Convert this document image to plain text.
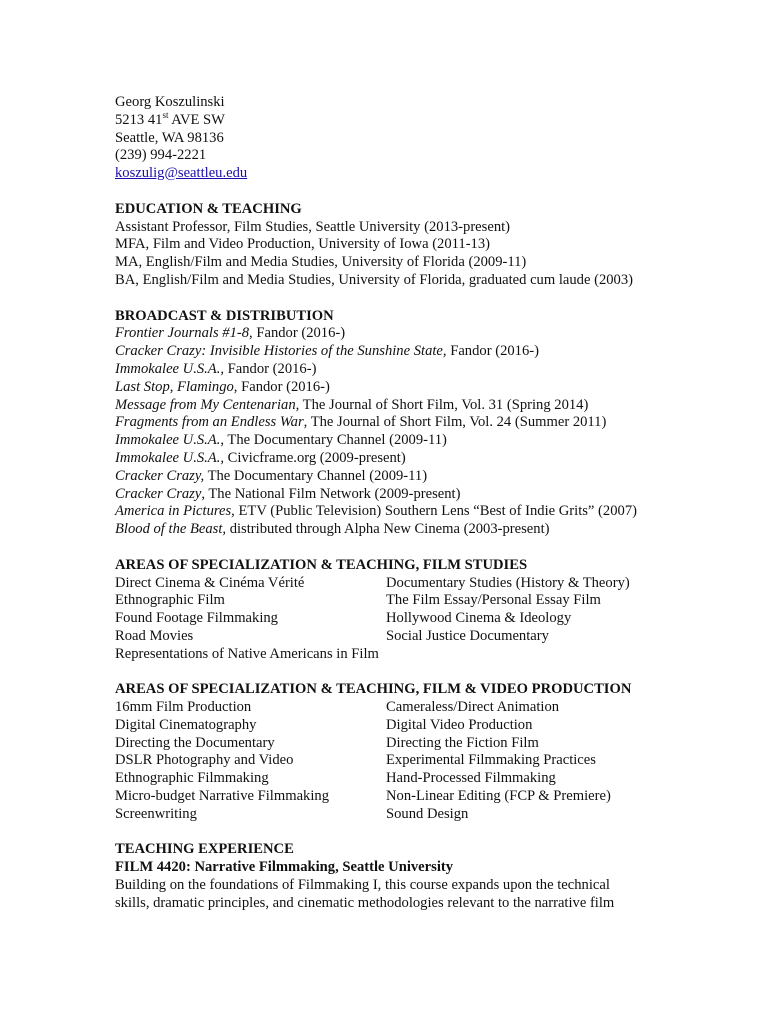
Georg Koszulinski
5213 41st AVE SW
Seattle, WA 98136
(239) 994-2221
koszulig@seattleu.edu
EDUCATION & TEACHING
Assistant Professor, Film Studies, Seattle University (2013-present)
MFA, Film and Video Production, University of Iowa (2011-13)
MA, English/Film and Media Studies, University of Florida (2009-11)
BA, English/Film and Media Studies, University of Florida, graduated cum laude (2003)
BROADCAST & DISTRIBUTION
Frontier Journals #1-8, Fandor (2016-)
Cracker Crazy: Invisible Histories of the Sunshine State, Fandor (2016-)
Immokalee U.S.A., Fandor (2016-)
Last Stop, Flamingo, Fandor (2016-)
Message from My Centenarian, The Journal of Short Film, Vol. 31 (Spring 2014)
Fragments from an Endless War, The Journal of Short Film, Vol. 24 (Summer 2011)
Immokalee U.S.A., The Documentary Channel (2009-11)
Immokalee U.S.A., Civicframe.org (2009-present)
Cracker Crazy, The Documentary Channel (2009-11)
Cracker Crazy, The National Film Network (2009-present)
America in Pictures, ETV (Public Television) Southern Lens “Best of Indie Grits” (2007)
Blood of the Beast, distributed through Alpha New Cinema (2003-present)
AREAS OF SPECIALIZATION & TEACHING, FILM STUDIES
Direct Cinema & Cinéma Vérité	Documentary Studies (History & Theory)
Ethnographic Film	The Film Essay/Personal Essay Film
Found Footage Filmmaking	Hollywood Cinema & Ideology
Road Movies	Social Justice Documentary
Representations of Native Americans in Film
AREAS OF SPECIALIZATION & TEACHING, FILM & VIDEO PRODUCTION
16mm Film Production	Cameraless/Direct Animation
Digital Cinematography	Digital Video Production
Directing the Documentary	Directing the Fiction Film
DSLR Photography and Video	Experimental Filmmaking Practices
Ethnographic Filmmaking	Hand-Processed Filmmaking
Micro-budget Narrative Filmmaking	Non-Linear Editing (FCP & Premiere)
Screenwriting	Sound Design
TEACHING EXPERIENCE
FILM 4420: Narrative Filmmaking, Seattle University
Building on the foundations of Filmmaking I, this course expands upon the technical
skills, dramatic principles, and cinematic methodologies relevant to the narrative film
